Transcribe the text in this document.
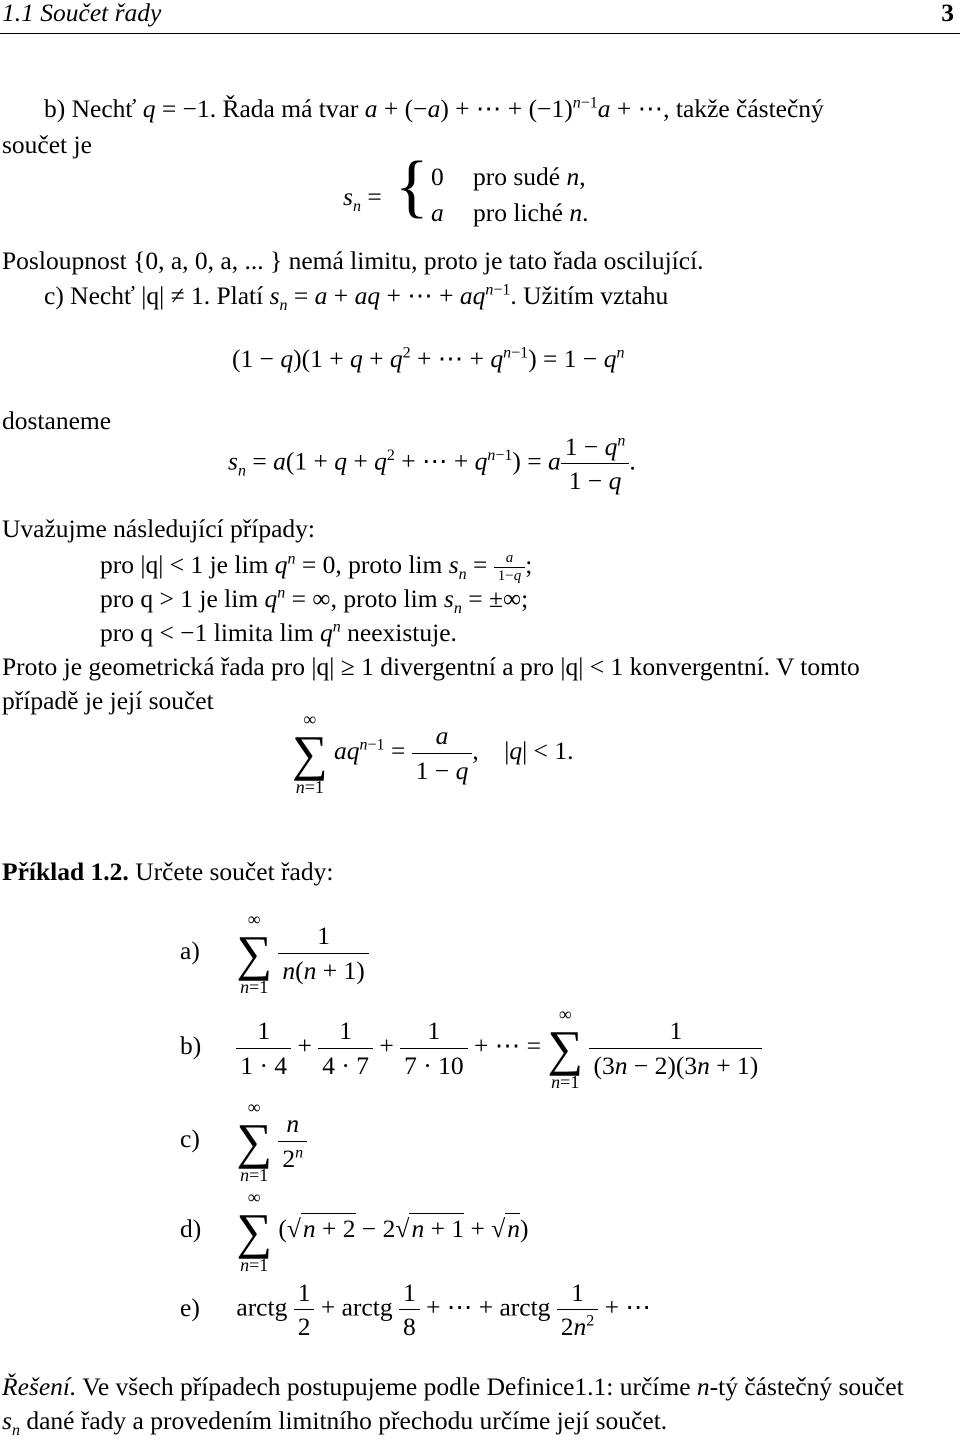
1.1 Součet řady	3
b) Nechť q = −1. Řada má tvar a + (−a) + ⋯ + $(-1)^{n-1}a$ + ⋯, takže částečný
součet je
$s_n$ = { 0 pro sudé n,
a pro liché n.
Posloupnost {0, a, 0, a, ... } nemá limitu, proto je tato řada oscilující.
c) Nechť |q| ≠ 1. Platí $s_n = a$ + aq + ⋯ + $aq^{n-1}$. Užitím vztahu
$(1 - q)(1 + q + q^2$ + ⋯ + $q^{n-1}) = 1 - q^n$
dostaneme
$s_n = a(1 + q + q^2$ + ⋯ + $q^{n-1}) = a \frac{1 - q^n}{1 - q}$ .
Uvažujme následující případy:
pro |q| < 1 je $\lim q^n = 0$, proto $\lim s_n = \frac{a}{1-q}$ ;
pro q > 1 je $\lim q^n$ = ∞, proto $\lim s_n$ = ±∞;
pro q < −1 limita $\lim q^n$ neexistuje.
Proto je geometrická řada pro |q| ≥ 1 divergentní a pro |q| < 1 konvergentní. V tomto
případě je její součet
∞
∑
n=1
$aq^{n-1} = \frac{a}{1 - q}$ ,    |q| < 1.
Příklad 1.2. Určete součet řady:
a)
∞
∑
n=1

$\frac{1}{n(n + 1)}$
$b) \frac{1}{1 \cdot 4} + \frac{1}{4 \cdot 7} + \frac{1}{7 \cdot 10}$ + ⋯ =
∞
∑
n=1

$\frac{1}{(3n - 2)(3n + 1)}$
c)
∞
∑
n=1

$\frac{n}{2^n}$
d)
∞
∑
n=1
(√n + 2 − 2√n + 1 + √n)
e) arctg $\frac{1}{2}$ + arctg $\frac{1}{8}$ + ⋯ + arctg $\frac{1}{2n^2}$ + ⋯
Řešení. Ve všech případech postupujeme podle Definice1.1: určíme n-tý částečný součet
$s_n$ dané řady a provedením limitního přechodu určíme její součet.
